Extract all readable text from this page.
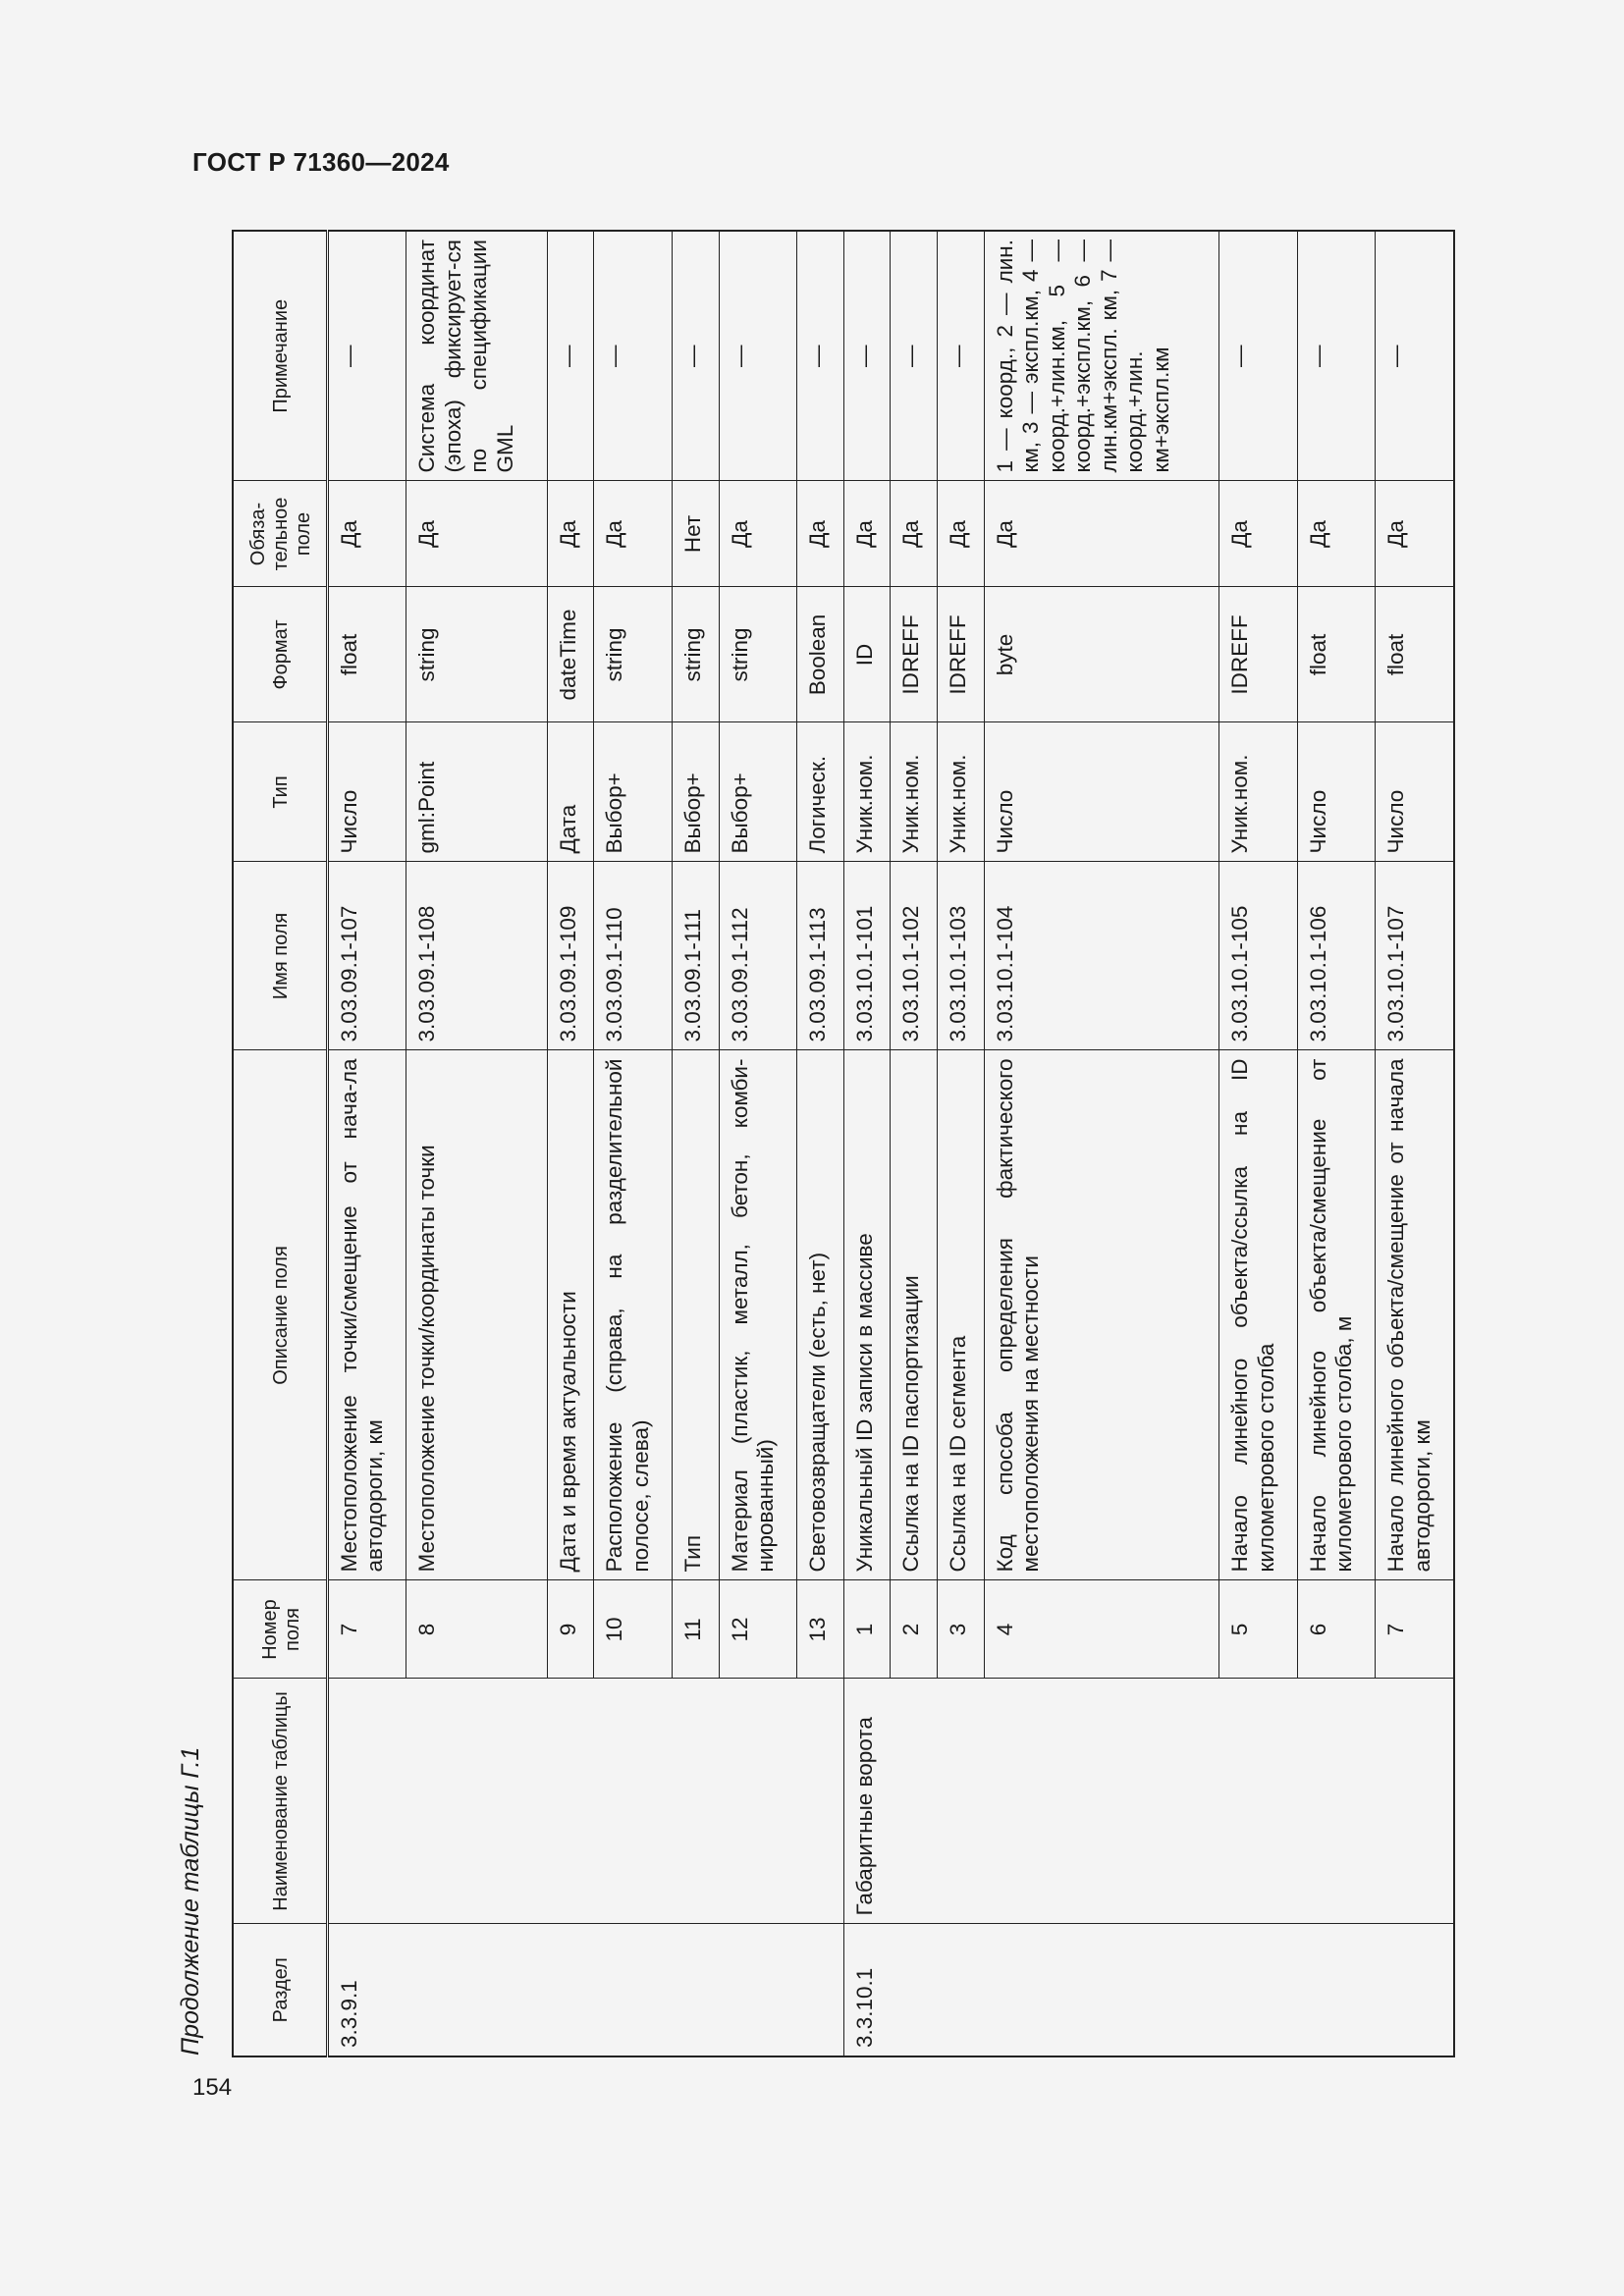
ГОСТ Р 71360—2024
Продолжение таблицы Г.1	Раздел	Наименование таблицы	Номер поля	Описание поля	Имя поля	Тип	Формат	Обяза-тельное поле	Примечание
3.3.9.1		7	Местоположение точки/смещение от нача-ла автодороги, км	3.03.09.1-107	Число	float	Да	—
		8	Местоположение точки/координаты точки	3.03.09.1-108	gml:Point	string	Да	Система координат (эпоха) фиксирует-ся по спецификации GML
		9	Дата и время актуальности	3.03.09.1-109	Дата	dateTime	Да	—
		10	Расположение (справа, на разделительной полосе, слева)	3.03.09.1-110	Выбор+	string	Да	—
		11	Тип	3.03.09.1-111	Выбор+	string	Нет	—
		12	Материал (пластик, металл, бетон, комби-нированный)	3.03.09.1-112	Выбор+	string	Да	—
		13	Световозвращатели (есть, нет)	3.03.09.1-113	Логическ.	Boolean	Да	—
3.3.10.1	Габаритные ворота	1	Уникальный ID записи в массиве	3.03.10.1-101	Уник.ном.	ID	Да	—
		2	Ссылка на ID паспортизации	3.03.10.1-102	Уник.ном.	IDREFF	Да	—
		3	Ссылка на ID сегмента	3.03.10.1-103	Уник.ном.	IDREFF	Да	—
		4	Код способа определения фактического местоположения на местности	3.03.10.1-104	Число	byte	Да	1 — коорд., 2 — лин. км, 3 — экспл.км, 4 — коорд.+лин.км, 5 — коорд.+экспл.км, 6 — лин.км+экспл. км, 7 — коорд.+лин. км+экспл.км
		5	Начало линейного объекта/ссылка на ID километрового столба	3.03.10.1-105	Уник.ном.	IDREFF	Да	—
		6	Начало линейного объекта/смещение от километрового столба, м	3.03.10.1-106	Число	float	Да	—
		7	Начало линейного объекта/смещение от начала автодороги, км	3.03.10.1-107	Число	float	Да	—
154
